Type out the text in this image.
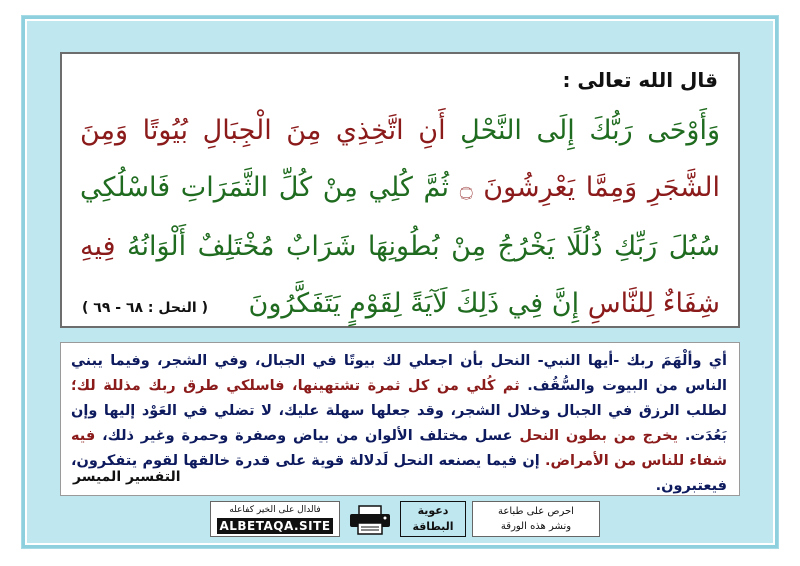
قال الله تعالى :
وَأَوْحَى رَبُّكَ إِلَى النَّحْلِ أَنِ اتَّخِذِي مِنَ الْجِبَالِ بُيُوتًا وَمِنَ الشَّجَرِ وَمِمَّا يَعْرِشُونَ ۝ ثُمَّ كُلِي مِنْ كُلِّ الثَّمَرَاتِ فَاسْلُكِي سُبُلَ رَبِّكِ ذُلُلًا يَخْرُجُ مِنْ بُطُونِهَا شَرَابٌ مُخْتَلِفٌ أَلْوَانُهُ فِيهِ شِفَاءٌ لِلنَّاسِ إِنَّ فِي ذَلِكَ لَآيَةً لِقَوْمٍ يَتَفَكَّرُونَ
( النحل : ٦٨ - ٦٩ )
أي وألْهَمَ ربك -أيها النبي- النحل بأن اجعلي لك بيوتًا في الجبال، وفي الشجر، وفيما يبني الناس من البيوت والسُّقُف. ثم كُلي من كل ثمرة تشتهينها، فاسلكي طرق ربك مذللة لك؛ لطلب الرزق في الجبال وخلال الشجر، وقد جعلها سهلة عليك، لا تضلي في العَوْد إليها وإن بَعُدَت. يخرج من بطون النحل عسل مختلف الألوان من بياض وصفرة وحمرة وغير ذلك، فيه شفاء للناس من الأمراض. إن فيما يصنعه النحل لَدلالة قوية على قدرة خالقها لقوم يتفكرون، فيعتبرون.
التفسير الميسر
فالدال على الخير كفاعله
ALBETAQA.SITE
دعوية
البطاقة
احرص على طباعة
ونشر هذه الورقة
